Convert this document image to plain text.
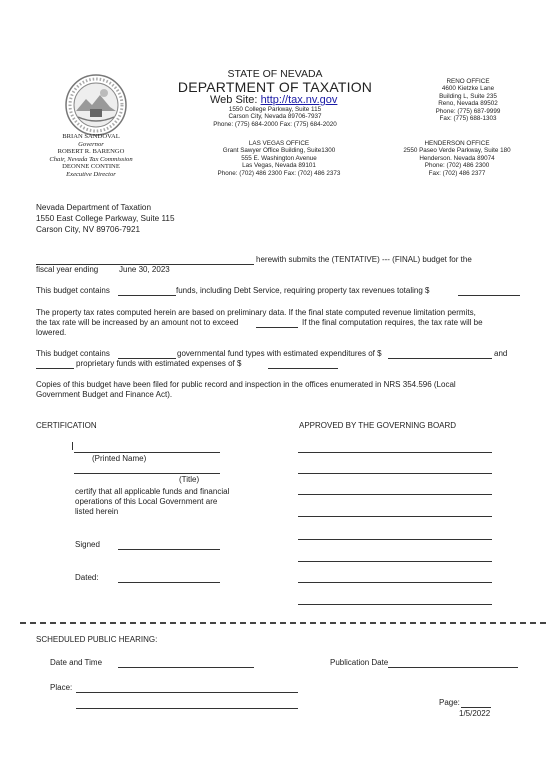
STATE OF NEVADA
DEPARTMENT OF TAXATION
Web Site: http://tax.nv.gov
1550 College Parkway, Suite 115
Carson City, Nevada 89706-7937
Phone: (775) 684-2000 Fax: (775) 684-2020
RENO OFFICE
4600 Kietzke Lane
Building L, Suite 235
Reno, Nevada 89502
Phone: (775) 687-9999
Fax: (775) 688-1303
BRIAN SANDOVAL
Governor
ROBERT R. BARENGO
Chair, Nevada Tax Commission
DEONNE CONTINE
Executive Director
LAS VEGAS OFFICE
Grant Sawyer Office Building, Suite1300
555 E. Washington Avenue
Las Vegas, Nevada 89101
Phone: (702) 486 2300 Fax: (702) 486 2373
HENDERSON OFFICE
2550 Paseo Verde Parkway, Suite 180
Henderson. Nevada 89074
Phone: (702) 486 2300
Fax: (702) 486 2377
Nevada Department of Taxation
1550 East College Parkway, Suite 115
Carson City, NV 89706-7921
herewith submits the (TENTATIVE) --- (FINAL) budget for the
fiscal year ending	June 30, 2023
This budget contains	funds, including Debt Service, requiring property tax revenues totaling $
The property tax rates computed herein are based on preliminary data. If the final state computed revenue limitation permits,
the tax rate will be increased by an amount not to exceed	If the final computation requires, the tax rate will be
lowered.
This budget contains	governmental fund types with estimated expenditures of $	and
proprietary funds with estimated expenses of $
Copies of this budget have been filed for public record and inspection in the offices enumerated in NRS 354.596 (Local
Government Budget and Finance Act).
CERTIFICATION
(Printed Name)
(Title)
certify that all applicable funds and financial
operations of this Local Government are
listed herein
Signed
Dated:
APPROVED BY THE GOVERNING BOARD
SCHEDULED PUBLIC HEARING:
Date and Time	Publication Date
Place:
Page:
1/5/2022
